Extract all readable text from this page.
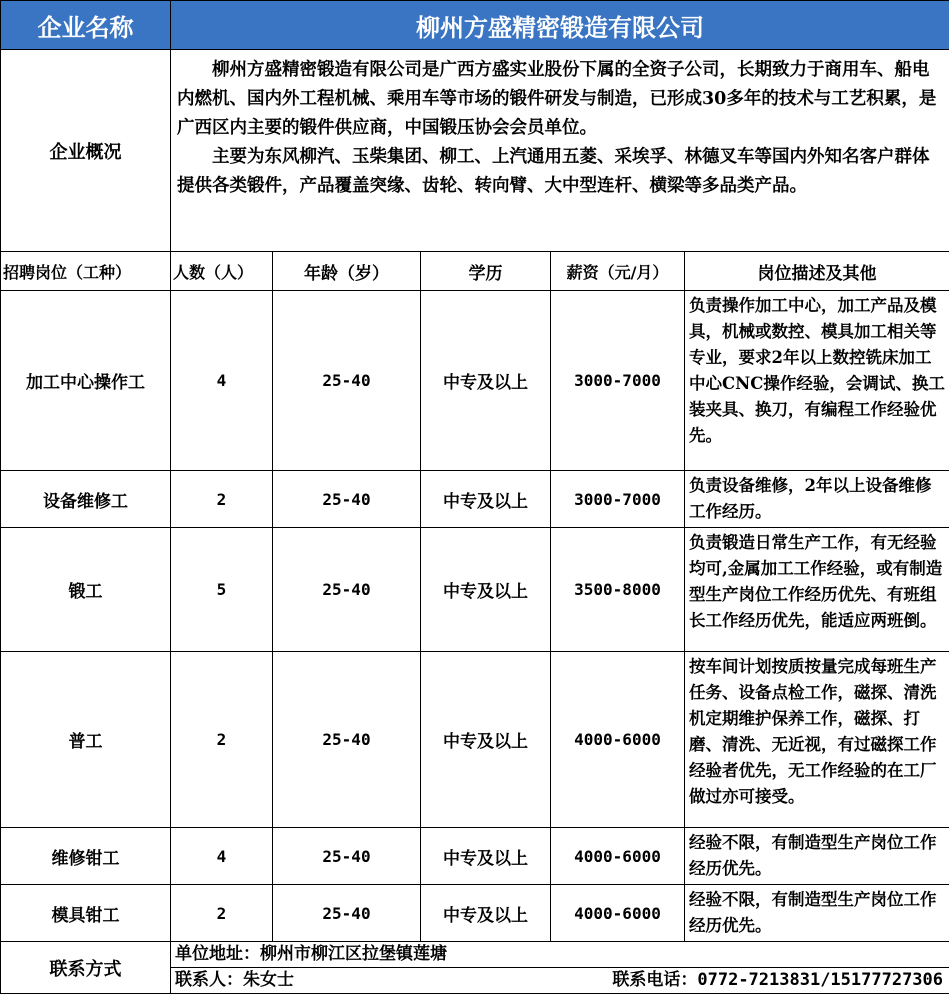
企业名称	柳州方盛精密锻造有限公司				
企业概况	柳州方盛精密锻造有限公司是广西方盛实业股份下属的全资子公司，长期致力于商用车、船电内燃机、国内外工程机械、乘用车等市场的锻件研发与制造，已形成30多年的技术与工艺积累，是广西区内主要的锻件供应商，中国锻压协会会员单位。

主要为东风柳汽、玉柴集团、柳工、上汽通用五菱、采埃孚、林德叉车等国内外知名客户群体提供各类锻件，产品覆盖突缘、齿轮、转向臂、大中型连杆、横梁等多品类产品。				

招聘岗位（工种）	人数（人）	年龄（岁）	学历	薪资（元/月）	岗位描述及其他
加工中心操作工	4	25-40	中专及以上	3000-7000	负责操作加工中心，加工产品及模具，机械或数控、模具加工相关等专业，要求2年以上数控铣床加工中心CNC操作经验，会调试、换工装夹具、换刀，有编程工作经验优先。
设备维修工	2	25-40	中专及以上	3000-7000	负责设备维修，2年以上设备维修工作经历。
锻工	5	25-40	中专及以上	3500-8000	负责锻造日常生产工作，有无经验均可,金属加工工作经验，或有制造型生产岗位工作经历优先、有班组长工作经历优先，能适应两班倒。
普工	2	25-40	中专及以上	4000-6000	按车间计划按质按量完成每班生产任务、设备点检工作，磁探、清洗机定期维护保养工作，磁探、打磨、清洗、无近视，有过磁探工作经验者优先，无工作经验的在工厂做过亦可接受。
维修钳工	4	25-40	中专及以上	4000-6000	经验不限，有制造型生产岗位工作经历优先。
模具钳工	2	25-40	中专及以上	4000-6000	经验不限，有制造型生产岗位工作经历优先。
联系方式	单位地址：柳州市柳江区拉堡镇莲塘
联系人：朱女士 联系电话：0772-7213831/15177727306				
